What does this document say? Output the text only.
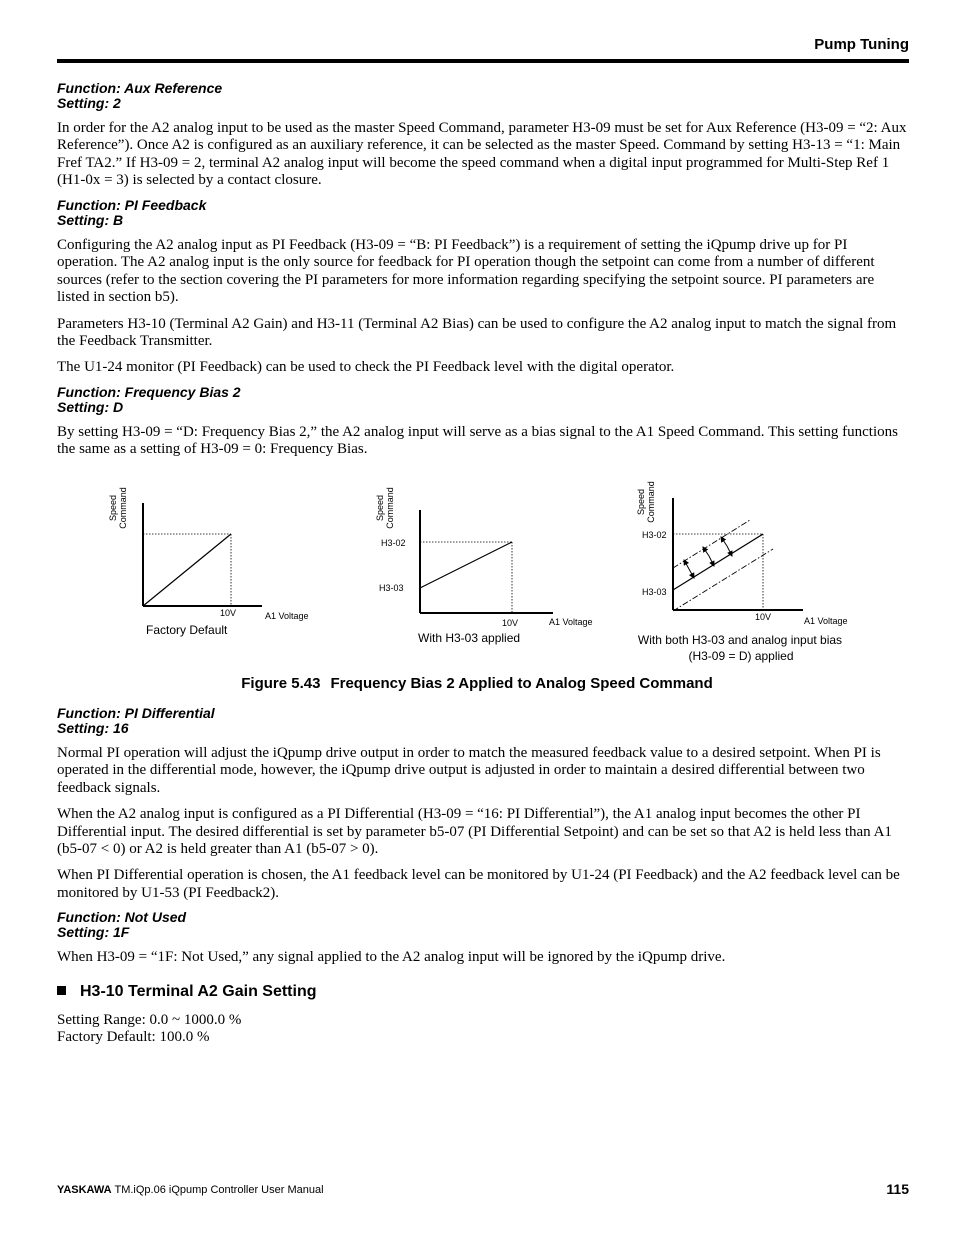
Pump Tuning
Function: Aux Reference
Setting: 2

In order for the A2 analog input to be used as the master Speed Command, parameter H3-09 must be set for Aux Reference (H3-09 = “2: Aux Reference”). Once A2 is configured as an auxiliary reference, it can be selected as the master Speed. Command by setting H3-13 = “1: Main Fref TA2.” If H3-09 = 2, terminal A2 analog input will become the speed command when a digital input programmed for Multi-Step Ref 1 (H1-0x = 3) is selected by a contact closure.

Function: PI Feedback
Setting: B

Configuring the A2 analog input as PI Feedback (H3-09 = “B: PI Feedback”) is a requirement of setting the iQpump drive up for PI operation. The A2 analog input is the only source for feedback for PI operation though the setpoint can come from a number of different sources (refer to the section covering the PI parameters for more information regarding specifying the setpoint source. PI parameters are listed in section b5).

Parameters H3-10 (Terminal A2 Gain) and H3-11 (Terminal A2 Bias) can be used to configure the A2 analog input to match the signal from the Feedback Transmitter.

The U1-24 monitor (PI Feedback) can be used to check the PI Feedback level with the digital operator.

Function: Frequency Bias 2
Setting: D

By setting H3-09 = “D: Frequency Bias 2,” the A2 analog input will serve as a bias signal to the A1 Speed Command. This setting functions the same as a setting of H3-09 = 0: Frequency Bias.

Speed Command
10V	A1 Voltage
Factory Default
Speed Command
H3-02
H3-03
10V	A1 Voltage
With H3-03 applied
Speed Command
H3-02
H3-03
10V	A1 Voltage
With both H3-03 and analog input bias
(H3-09 = D) applied
Figure 5.43 Frequency Bias 2 Applied to Analog Speed Command
Function: PI Differential
Setting: 16

Normal PI operation will adjust the iQpump drive output in order to match the measured feedback value to a desired setpoint. When PI is operated in the differential mode, however, the iQpump drive output is adjusted in order to maintain a desired differential between two feedback signals.

When the A2 analog input is configured as a PI Differential (H3-09 = “16: PI Differential”), the A1 analog input becomes the other PI Differential input. The desired differential is set by parameter b5-07 (PI Differential Setpoint) and can be set so that A2 is held less than A1 (b5-07 < 0) or A2 is held greater than A1 (b5-07 > 0).

When PI Differential operation is chosen, the A1 feedback level can be monitored by U1-24 (PI Feedback) and the A2 feedback level can be monitored by U1-53 (PI Feedback2).

Function: Not Used
Setting: 1F

When H3-09 = “1F: Not Used,” any signal applied to the A2 analog input will be ignored by the iQpump drive.

H3-10 Terminal A2 Gain Setting

Setting Range: 0.0 ~ 1000.0 %

Factory Default: 100.0 %

YASKAWA TM.iQp.06 iQpump Controller User Manual	115
